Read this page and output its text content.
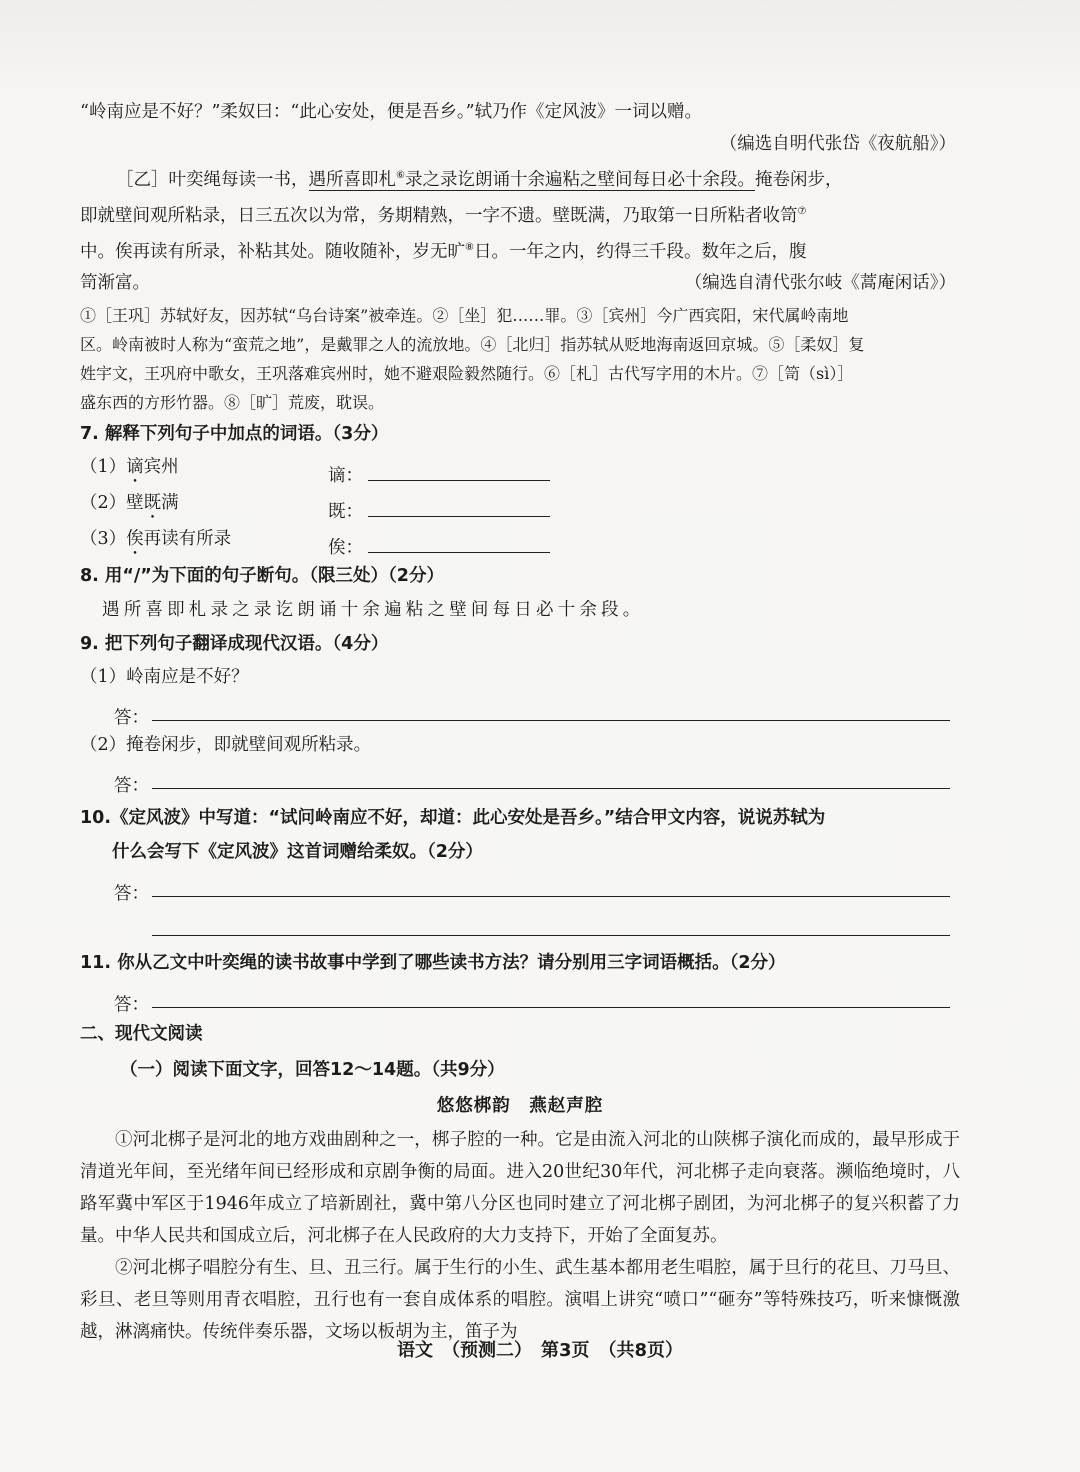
“岭南应是不好？”柔奴曰：“此心安处，便是吾乡。”轼乃作《定风波》一词以赠。

（编选自明代张岱《夜航船》）

［乙］叶奕绳每读一书，遇所喜即札⑥录之录讫朗诵十余遍粘之壁间每日必十余段。掩卷闲步，

即就壁间观所粘录，日三五次以为常，务期精熟，一字不遗。壁既满，乃取第一日所粘者收笥⑦

中。俟再读有所录，补粘其处。随收随补，岁无旷⑧日。一年之内，约得三千段。数年之后，腹

笥渐富。	（编选自清代张尔岐《蒿庵闲话》）

①［王巩］苏轼好友，因苏轼“乌台诗案”被牵连。②［坐］犯……罪。③［宾州］今广西宾阳，宋代属岭南地

区。岭南被时人称为“蛮荒之地”，是戴罪之人的流放地。④［北归］指苏轼从贬地海南返回京城。⑤［柔奴］复

姓宇文，王巩府中歌女，王巩落难宾州时，她不避艰险毅然随行。⑥［札］古代写字用的木片。⑦［笥（sì）］

盛东西的方形竹器。⑧［旷］荒废，耽误。

7. 解释下列句子中加点的词语。（3分）

（1）谪宾州	谪：
（2）壁既满	既：
（3）俟再读有所录	俟：

8. 用“/”为下面的句子断句。（限三处）（2分）

遇所喜即札录之录讫朗诵十余遍粘之壁间每日必十余段。

9. 把下列句子翻译成现代汉语。（4分）

（1）岭南应是不好？

答：

（2）掩卷闲步，即就壁间观所粘录。

答：

10.《定风波》中写道：“试问岭南应不好，却道：此心安处是吾乡。”结合甲文内容，说说苏轼为

什么会写下《定风波》这首词赠给柔奴。（2分）

答：

11. 你从乙文中叶奕绳的读书故事中学到了哪些读书方法？请分别用三字词语概括。（2分）

答：

二、现代文阅读

（一）阅读下面文字，回答12～14题。（共9分）

悠悠梆韵　燕赵声腔

①河北梆子是河北的地方戏曲剧种之一，梆子腔的一种。它是由流入河北的山陕梆子演化而成的，最早形成于清道光年间，至光绪年间已经形成和京剧争衡的局面。进入20世纪30年代，河北梆子走向衰落。濒临绝境时，八路军冀中军区于1946年成立了培新剧社，冀中第八分区也同时建立了河北梆子剧团，为河北梆子的复兴积蓄了力量。中华人民共和国成立后，河北梆子在人民政府的大力支持下，开始了全面复苏。

②河北梆子唱腔分有生、旦、丑三行。属于生行的小生、武生基本都用老生唱腔，属于旦行的花旦、刀马旦、彩旦、老旦等则用青衣唱腔，丑行也有一套自成体系的唱腔。演唱上讲究“喷口”“砸夯”等特殊技巧，听来慷慨激越，淋漓痛快。传统伴奏乐器，文场以板胡为主，笛子为

语文　（预测二）　第3页　（共8页）
